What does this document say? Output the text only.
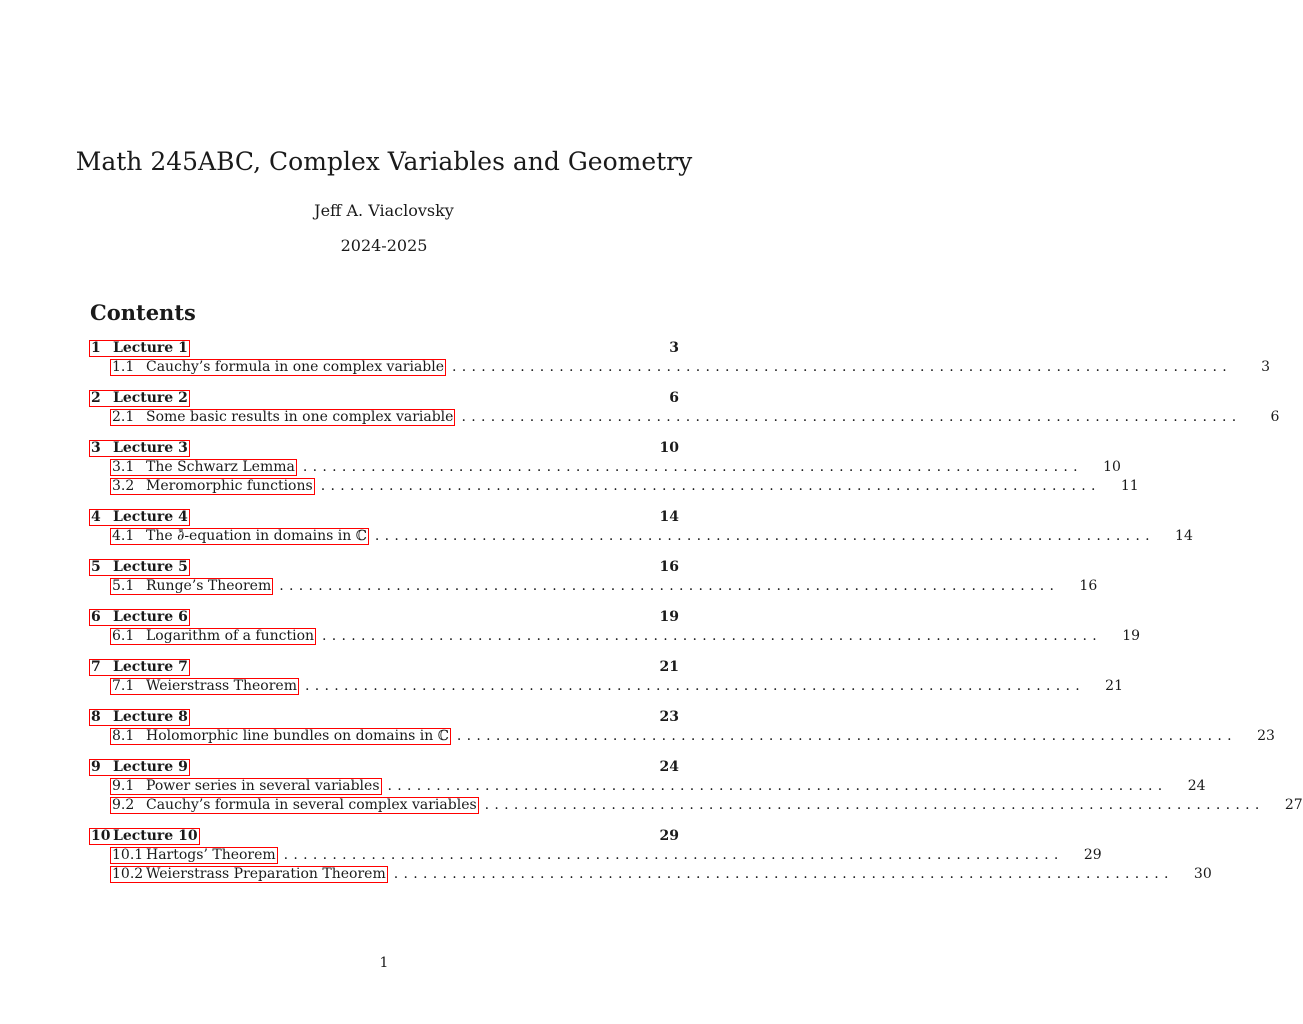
Math 245ABC, Complex Variables and Geometry
Jeff A. Viaclovsky
2024-2025
Contents
1 Lecture 1	3
1.1 Cauchy’s formula in one complex variable ................................................................................	3
2 Lecture 2	6
2.1 Some basic results in one complex variable ................................................................................	6
3 Lecture 3	10
3.1 The Schwarz Lemma ................................................................................	10
3.2 Meromorphic functions ................................................................................	11
4 Lecture 4	14
4.1 The ∂̄-equation in domains in ℂ ................................................................................	14
5 Lecture 5	16
5.1 Runge’s Theorem ................................................................................	16
6 Lecture 6	19
6.1 Logarithm of a function ................................................................................	19
7 Lecture 7	21
7.1 Weierstrass Theorem ................................................................................	21
8 Lecture 8	23
8.1 Holomorphic line bundles on domains in ℂ ................................................................................	23
9 Lecture 9	24
9.1 Power series in several variables ................................................................................	24
9.2 Cauchy’s formula in several complex variables ................................................................................	27
10 Lecture 10	29
10.1 Hartogs’ Theorem ................................................................................	29
10.2 Weierstrass Preparation Theorem ................................................................................	30
1
